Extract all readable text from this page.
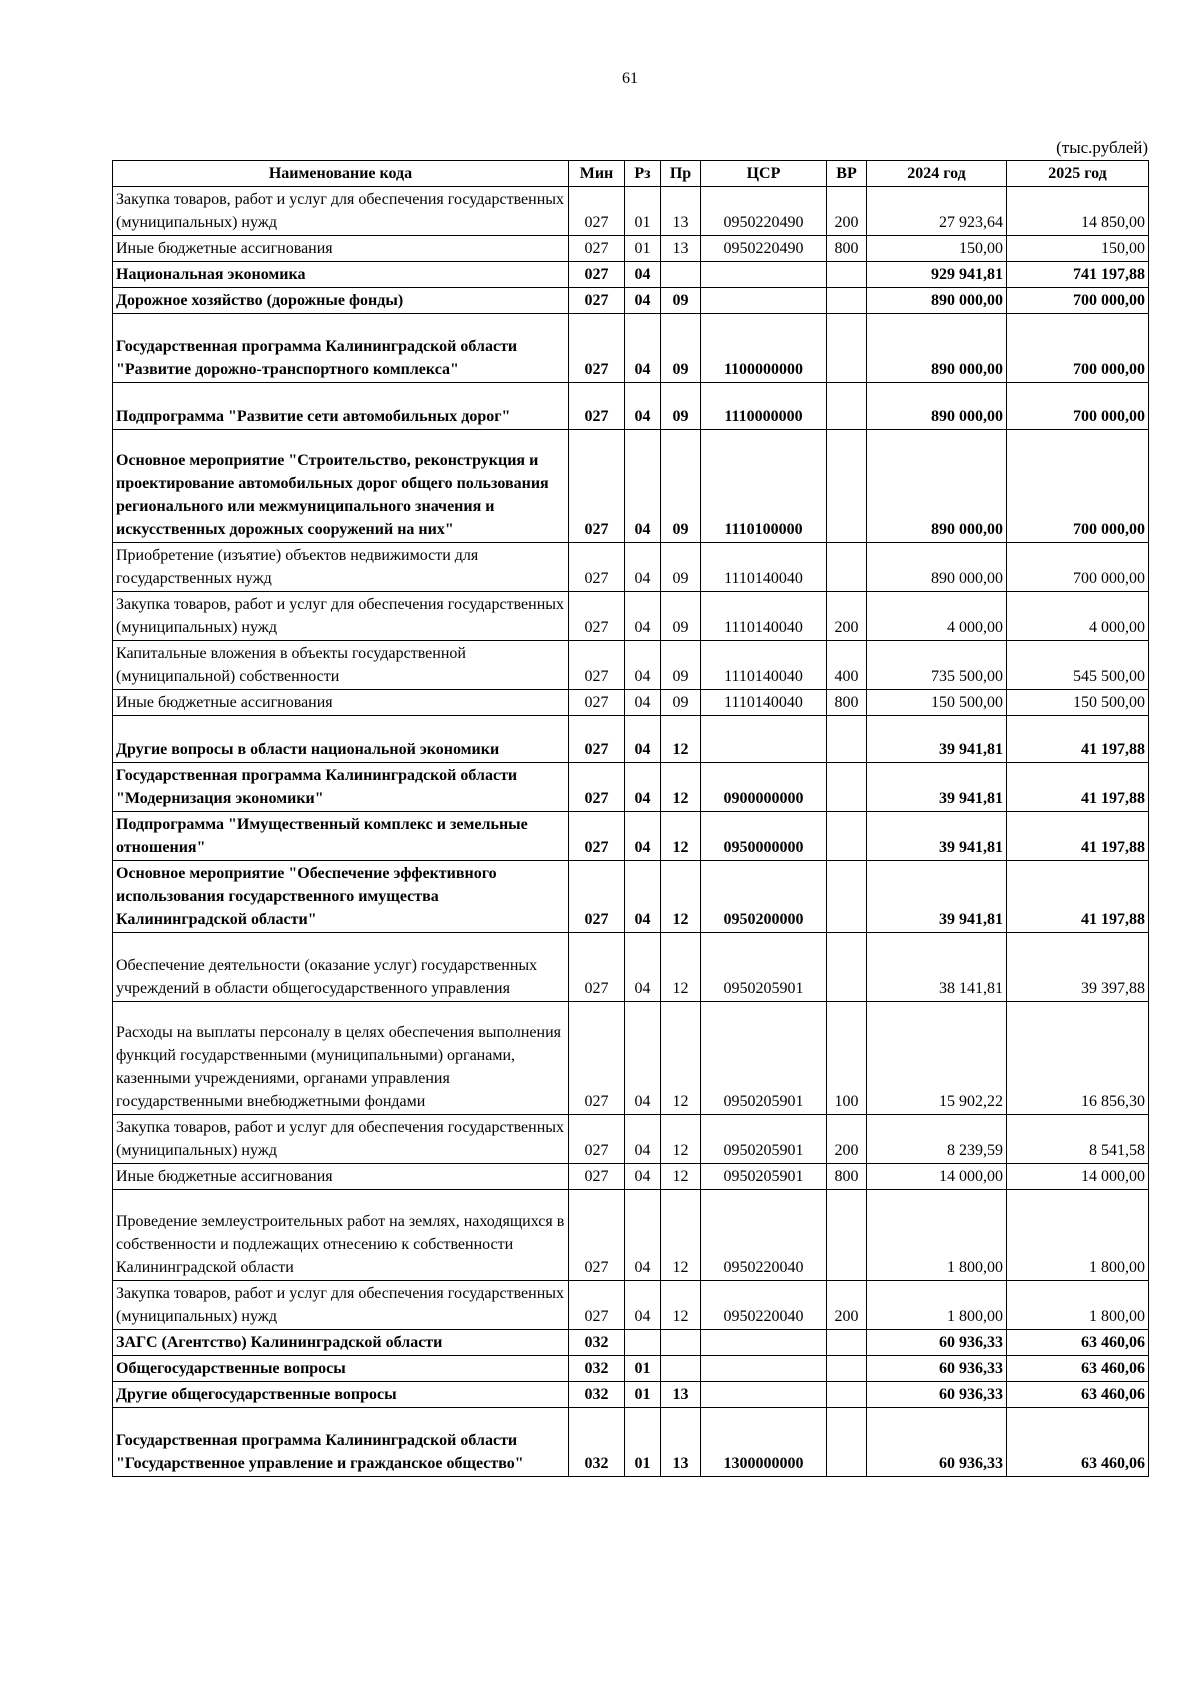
61
(тыс.рублей)
Наименование кода	Мин	Рз	Пр	ЦСР	ВР	2024 год	2025 год
Закупка товаров, работ и услуг для обеспечения государственных (муниципальных) нужд	027	01	13	0950220490	200	27 923,64	14 850,00
Иные бюджетные ассигнования	027	01	13	0950220490	800	150,00	150,00
Национальная экономика	027	04				929 941,81	741 197,88
Дорожное хозяйство (дорожные фонды)	027	04	09			890 000,00	700 000,00
Государственная программа Калининградской области "Развитие дорожно-транспортного комплекса"	027	04	09	1100000000		890 000,00	700 000,00
Подпрограмма "Развитие сети автомобильных дорог"	027	04	09	1110000000		890 000,00	700 000,00
Основное мероприятие "Строительство, реконструкция и проектирование автомобильных дорог общего пользования регионального или межмуниципального значения и искусственных дорожных сооружений на них"	027	04	09	1110100000		890 000,00	700 000,00
Приобретение (изъятие) объектов недвижимости для государственных нужд	027	04	09	1110140040		890 000,00	700 000,00
Закупка товаров, работ и услуг для обеспечения государственных (муниципальных) нужд	027	04	09	1110140040	200	4 000,00	4 000,00
Капитальные вложения в объекты государственной (муниципальной) собственности	027	04	09	1110140040	400	735 500,00	545 500,00
Иные бюджетные ассигнования	027	04	09	1110140040	800	150 500,00	150 500,00
Другие вопросы в области национальной экономики	027	04	12			39 941,81	41 197,88
Государственная программа Калининградской области "Модернизация экономики"	027	04	12	0900000000		39 941,81	41 197,88
Подпрограмма "Имущественный комплекс и земельные отношения"	027	04	12	0950000000		39 941,81	41 197,88
Основное мероприятие "Обеспечение эффективного использования государственного имущества Калининградской области"	027	04	12	0950200000		39 941,81	41 197,88
Обеспечение деятельности (оказание услуг) государственных учреждений в области общегосударственного управления	027	04	12	0950205901		38 141,81	39 397,88
Расходы на выплаты персоналу в целях обеспечения выполнения функций государственными (муниципальными) органами, казенными учреждениями, органами управления государственными внебюджетными фондами	027	04	12	0950205901	100	15 902,22	16 856,30
Закупка товаров, работ и услуг для обеспечения государственных (муниципальных) нужд	027	04	12	0950205901	200	8 239,59	8 541,58
Иные бюджетные ассигнования	027	04	12	0950205901	800	14 000,00	14 000,00
Проведение землеустроительных работ на землях, находящихся в собственности и подлежащих отнесению к собственности Калининградской области	027	04	12	0950220040		1 800,00	1 800,00
Закупка товаров, работ и услуг для обеспечения государственных (муниципальных) нужд	027	04	12	0950220040	200	1 800,00	1 800,00
ЗАГС (Агентство) Калининградской области	032					60 936,33	63 460,06
Общегосударственные вопросы	032	01				60 936,33	63 460,06
Другие общегосударственные вопросы	032	01	13			60 936,33	63 460,06
Государственная программа Калининградской области "Государственное управление и гражданское общество"	032	01	13	1300000000		60 936,33	63 460,06
